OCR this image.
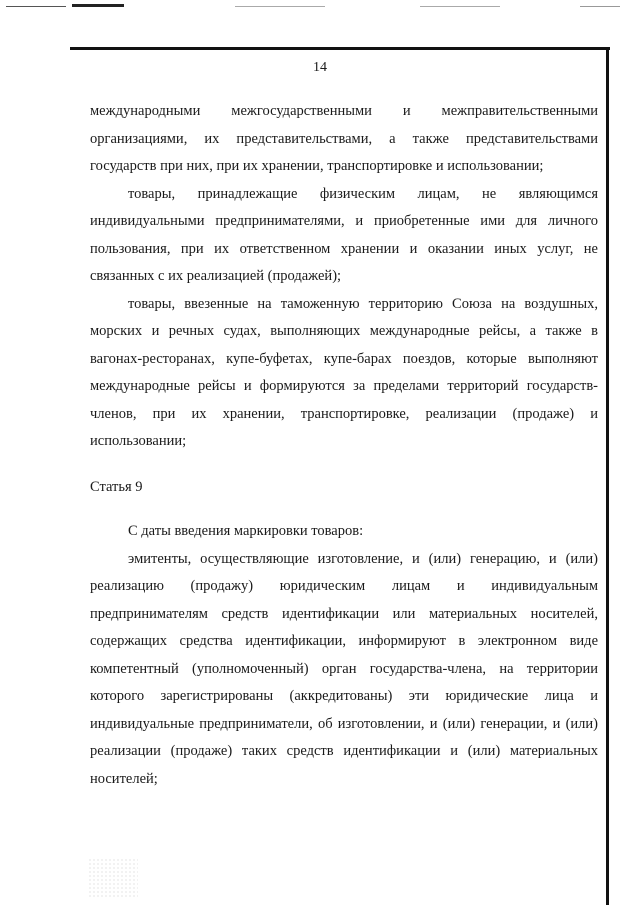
14

международными межгосударственными и межправительственными организациями, их представительствами, а также представительствами государств при них, при их хранении, транспортировке и использовании;

товары, принадлежащие физическим лицам, не являющимся индивидуальными предпринимателями, и приобретенные ими для личного пользования, при их ответственном хранении и оказании иных услуг, не связанных с их реализацией (продажей);

товары, ввезенные на таможенную территорию Союза на воздушных, морских и речных судах, выполняющих международные рейсы, а также в вагонах-ресторанах, купе-буфетах, купе-барах поездов, которые выполняют международные рейсы и формируются за пределами территорий государств-членов, при их хранении, транспортировке, реализации (продаже) и использовании;

Статья 9

С даты введения маркировки товаров:

эмитенты, осуществляющие изготовление, и (или) генерацию, и (или) реализацию (продажу) юридическим лицам и индивидуальным предпринимателям средств идентификации или материальных носителей, содержащих средства идентификации, информируют в электронном виде компетентный (уполномоченный) орган государства-члена, на территории которого зарегистрированы (аккредитованы) эти юридические лица и индивидуальные предприниматели, об изготовлении, и (или) генерации, и (или) реализации (продаже) таких средств идентификации и (или) материальных носителей;
